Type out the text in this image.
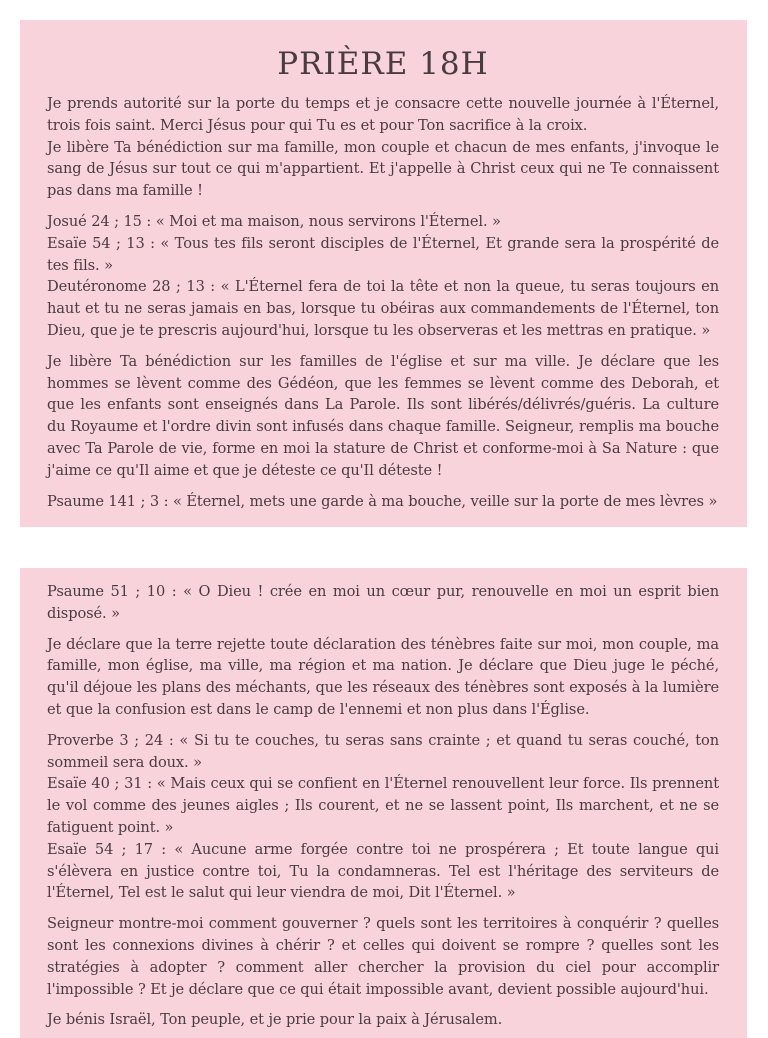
PRIÈRE 18H

Je prends autorité sur la porte du temps et je consacre cette nouvelle journée à l'Éternel, trois fois saint. Merci Jésus pour qui Tu es et pour Ton sacrifice à la croix.
Je libère Ta bénédiction sur ma famille, mon couple et chacun de mes enfants, j'invoque le sang de Jésus sur tout ce qui m'appartient. Et j'appelle à Christ ceux qui ne Te connaissent pas dans ma famille !

Josué 24 ; 15 : « Moi et ma maison, nous servirons l'Éternel. »
Esaïe 54 ; 13 : « Tous tes fils seront disciples de l'Éternel, Et grande sera la prospérité de tes fils. »
Deutéronome 28 ; 13 : « L'Éternel fera de toi la tête et non la queue, tu seras toujours en haut et tu ne seras jamais en bas, lorsque tu obéiras aux commandements de l'Éternel, ton Dieu, que je te prescris aujourd'hui, lorsque tu les observeras et les mettras en pratique. »

Je libère Ta bénédiction sur les familles de l'église et sur ma ville. Je déclare que les hommes se lèvent comme des Gédéon, que les femmes se lèvent comme des Deborah, et que les enfants sont enseignés dans La Parole. Ils sont libérés/délivrés/guéris. La culture du Royaume et l'ordre divin sont infusés dans chaque famille. Seigneur, remplis ma bouche avec Ta Parole de vie, forme en moi la stature de Christ et conforme-moi à Sa Nature : que j'aime ce qu'Il aime et que je déteste ce qu'Il déteste !

Psaume 141 ; 3 : « Éternel, mets une garde à ma bouche, veille sur la porte de mes lèvres »

Psaume 51 ; 10 : « O Dieu ! crée en moi un cœur pur, renouvelle en moi un esprit bien disposé. »

Je déclare que la terre rejette toute déclaration des ténèbres faite sur moi, mon couple, ma famille, mon église, ma ville, ma région et ma nation. Je déclare que Dieu juge le péché, qu'il déjoue les plans des méchants, que les réseaux des ténèbres sont exposés à la lumière et que la confusion est dans le camp de l'ennemi et non plus dans l'Église.

Proverbe 3 ; 24 : « Si tu te couches, tu seras sans crainte ; et quand tu seras couché, ton sommeil sera doux. »
Esaïe 40 ; 31 : « Mais ceux qui se confient en l'Éternel renouvellent leur force. Ils prennent le vol comme des jeunes aigles ; Ils courent, et ne se lassent point, Ils marchent, et ne se fatiguent point. »
Esaïe 54 ; 17 : « Aucune arme forgée contre toi ne prospérera ; Et toute langue qui s'élèvera en justice contre toi, Tu la condamneras. Tel est l'héritage des serviteurs de l'Éternel, Tel est le salut qui leur viendra de moi, Dit l'Éternel. »

Seigneur montre-moi comment gouverner ? quels sont les territoires à conquérir ? quelles sont les connexions divines à chérir ? et celles qui doivent se rompre ? quelles sont les stratégies à adopter ? comment aller chercher la provision du ciel pour accomplir l'impossible ? Et je déclare que ce qui était impossible avant, devient possible aujourd'hui.

Je bénis Israël, Ton peuple, et je prie pour la paix à Jérusalem.
